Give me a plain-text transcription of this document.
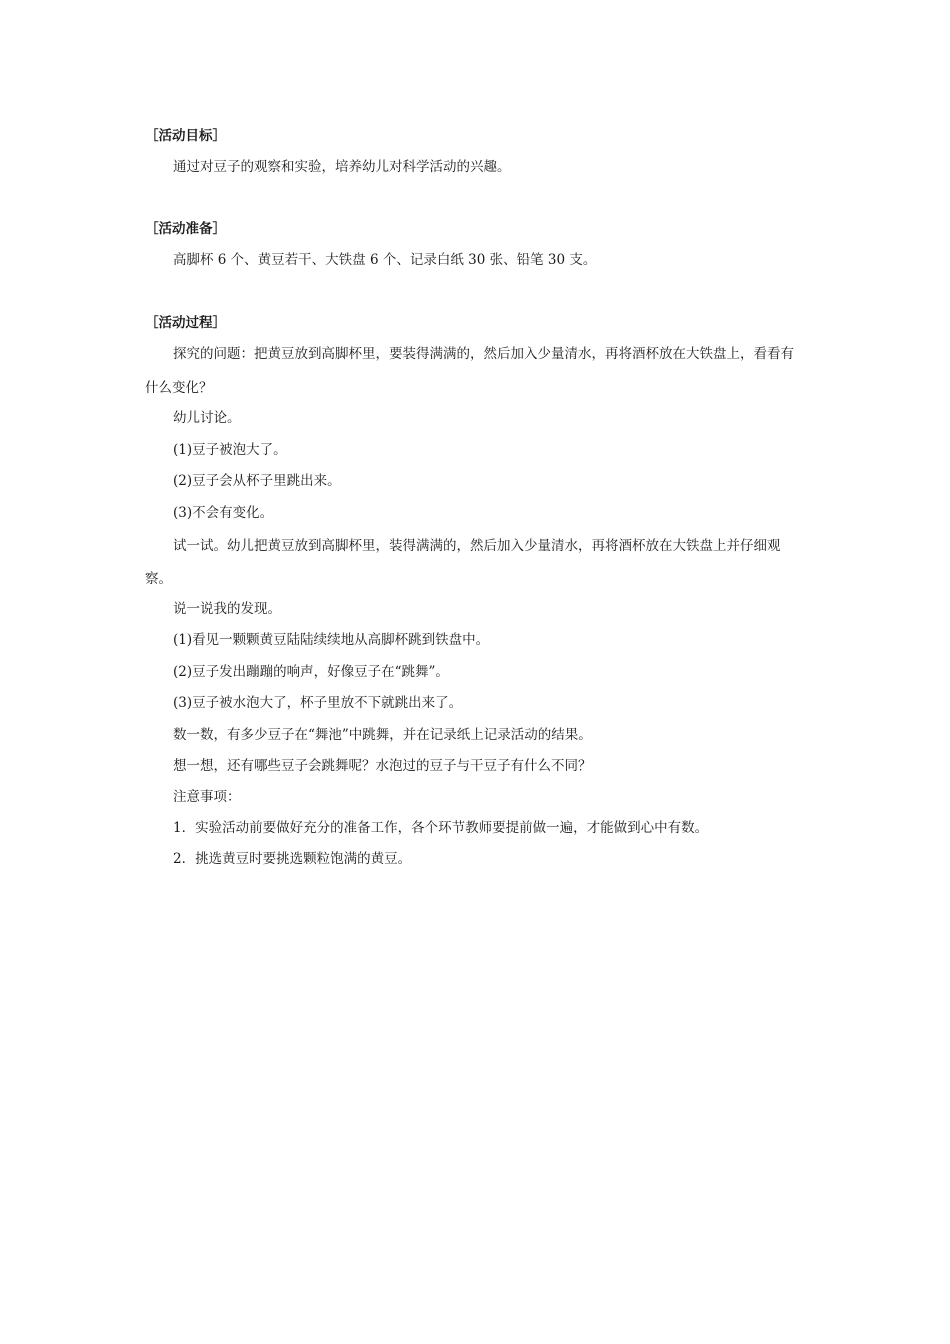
［活动目标］
通过对豆子的观察和实验，培养幼儿对科学活动的兴趣。
［活动准备］
高脚杯 6 个、黄豆若干、大铁盘 6 个、记录白纸 30 张、铅笔 30 支。
［活动过程］
探究的问题：把黄豆放到高脚杯里，要装得满满的，然后加入少量清水，再将酒杯放在大铁盘上，看看有
什么变化？
幼儿讨论。
(1)豆子被泡大了。
(2)豆子会从杯子里跳出来。
(3)不会有变化。
试一试。幼儿把黄豆放到高脚杯里，装得满满的，然后加入少量清水，再将酒杯放在大铁盘上并仔细观
察。
说一说我的发现。
(1)看见一颗颗黄豆陆陆续续地从高脚杯跳到铁盘中。
(2)豆子发出蹦蹦的响声，好像豆子在“跳舞”。
(3)豆子被水泡大了，杯子里放不下就跳出来了。
数一数，有多少豆子在“舞池”中跳舞，并在记录纸上记录活动的结果。
想一想，还有哪些豆子会跳舞呢？水泡过的豆子与干豆子有什么不同？
注意事项：
1．实验活动前要做好充分的准备工作，各个环节教师要提前做一遍，才能做到心中有数。
2．挑选黄豆时要挑选颗粒饱满的黄豆。
